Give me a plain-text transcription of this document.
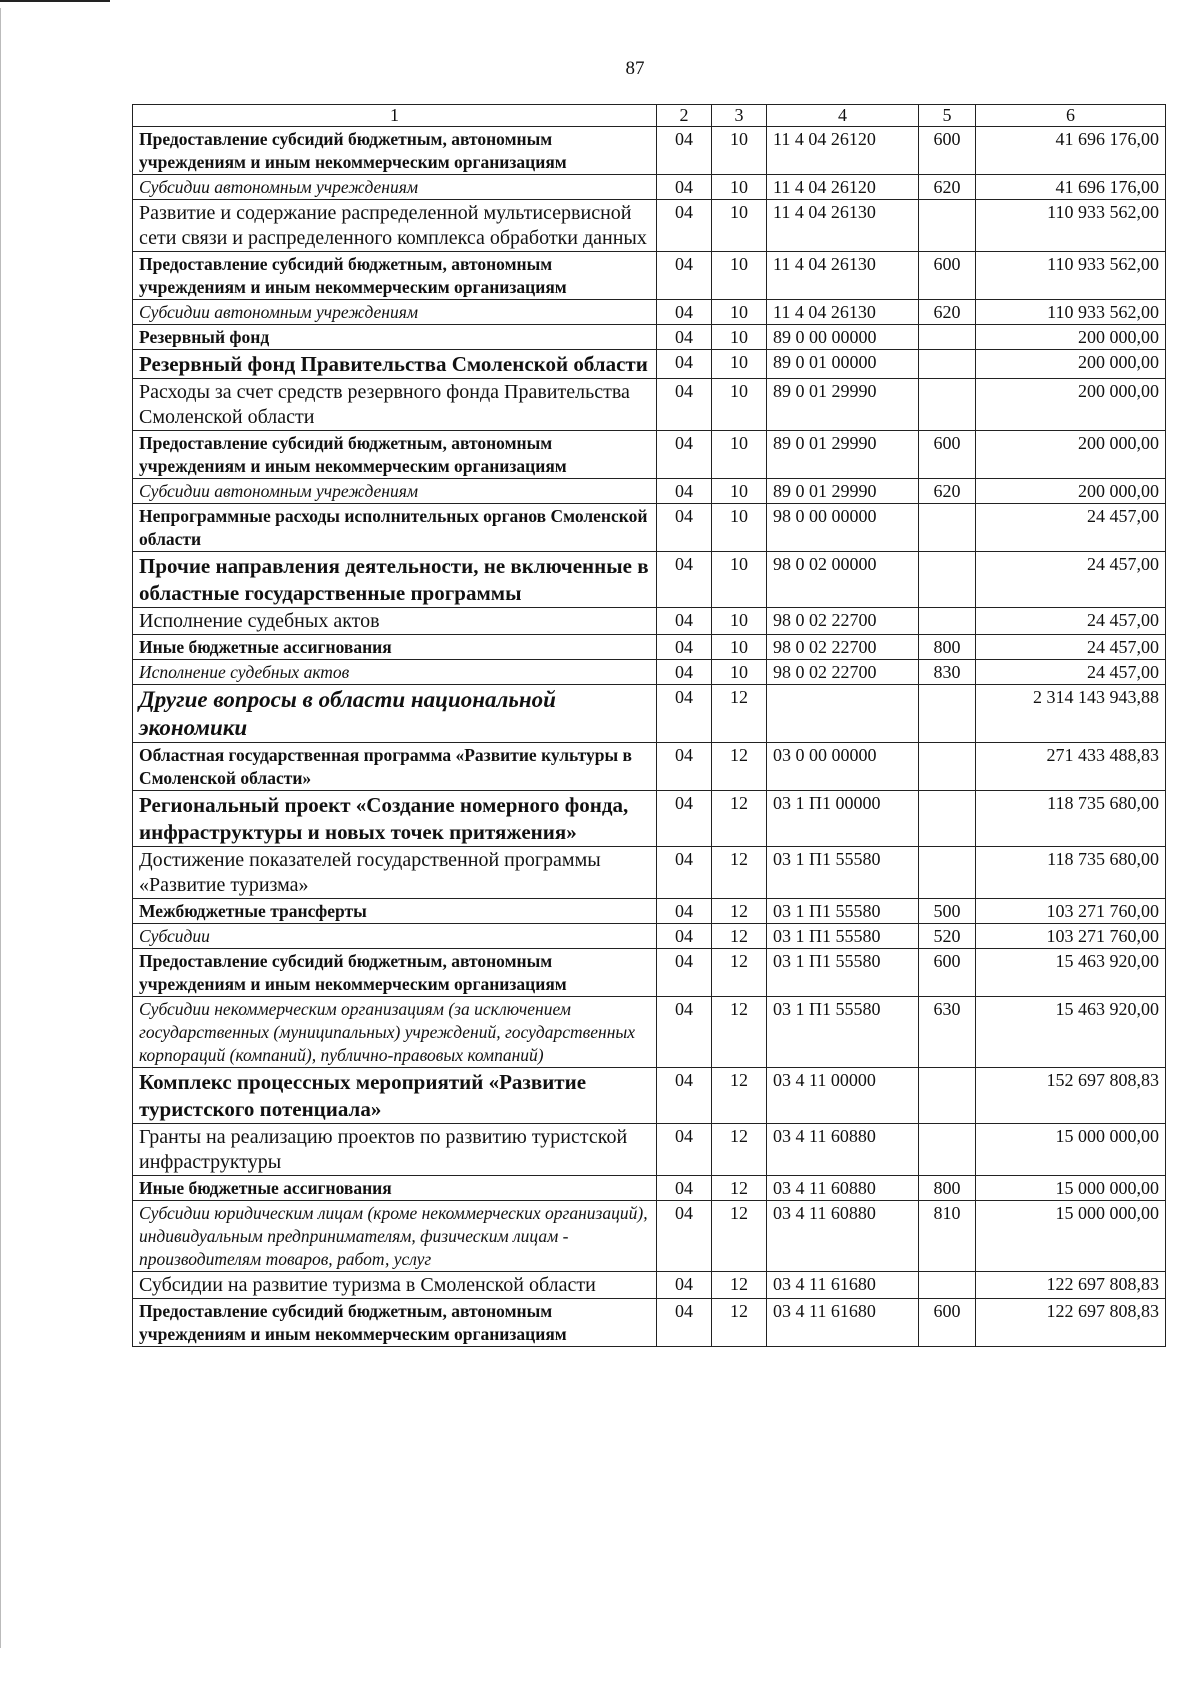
87
1	2	3	4	5	6
Предоставление субсидий бюджетным, автономным учреждениям и иным некоммерческим организациям	04	10	11 4 04 26120	600	41 696 176,00
Субсидии автономным учреждениям	04	10	11 4 04 26120	620	41 696 176,00
Развитие и содержание распределенной мультисервисной сети связи и распределенного комплекса обработки данных	04	10	11 4 04 26130		110 933 562,00
Предоставление субсидий бюджетным, автономным учреждениям и иным некоммерческим организациям	04	10	11 4 04 26130	600	110 933 562,00
Субсидии автономным учреждениям	04	10	11 4 04 26130	620	110 933 562,00
Резервный фонд	04	10	89 0 00 00000		200 000,00
Резервный фонд Правительства Смоленской области	04	10	89 0 01 00000		200 000,00
Расходы за счет средств резервного фонда Правительства Смоленской области	04	10	89 0 01 29990		200 000,00
Предоставление субсидий бюджетным, автономным учреждениям и иным некоммерческим организациям	04	10	89 0 01 29990	600	200 000,00
Субсидии автономным учреждениям	04	10	89 0 01 29990	620	200 000,00
Непрограммные расходы исполнительных органов Смоленской области	04	10	98 0 00 00000		24 457,00
Прочие направления деятельности, не включенные в областные государственные программы	04	10	98 0 02 00000		24 457,00
Исполнение судебных актов	04	10	98 0 02 22700		24 457,00
Иные бюджетные ассигнования	04	10	98 0 02 22700	800	24 457,00
Исполнение судебных актов	04	10	98 0 02 22700	830	24 457,00
Другие вопросы в области национальной экономики	04	12			2 314 143 943,88
Областная государственная программа «Развитие культуры в Смоленской области»	04	12	03 0 00 00000		271 433 488,83
Региональный проект «Создание номерного фонда, инфраструктуры и новых точек притяжения»	04	12	03 1 П1 00000		118 735 680,00
Достижение показателей государственной программы «Развитие туризма»	04	12	03 1 П1 55580		118 735 680,00
Межбюджетные трансферты	04	12	03 1 П1 55580	500	103 271 760,00
Субсидии	04	12	03 1 П1 55580	520	103 271 760,00
Предоставление субсидий бюджетным, автономным учреждениям и иным некоммерческим организациям	04	12	03 1 П1 55580	600	15 463 920,00
Субсидии некоммерческим организациям (за исключением государственных (муниципальных) учреждений, государственных корпораций (компаний), публично-правовых компаний)	04	12	03 1 П1 55580	630	15 463 920,00
Комплекс процессных мероприятий «Развитие туристского потенциала»	04	12	03 4 11 00000		152 697 808,83
Гранты на реализацию проектов по развитию туристской инфраструктуры	04	12	03 4 11 60880		15 000 000,00
Иные бюджетные ассигнования	04	12	03 4 11 60880	800	15 000 000,00
Субсидии юридическим лицам (кроме некоммерческих организаций), индивидуальным предпринимателям, физическим лицам - производителям товаров, работ, услуг	04	12	03 4 11 60880	810	15 000 000,00
Субсидии на развитие туризма в Смоленской области	04	12	03 4 11 61680		122 697 808,83
Предоставление субсидий бюджетным, автономным учреждениям и иным некоммерческим организациям	04	12	03 4 11 61680	600	122 697 808,83
